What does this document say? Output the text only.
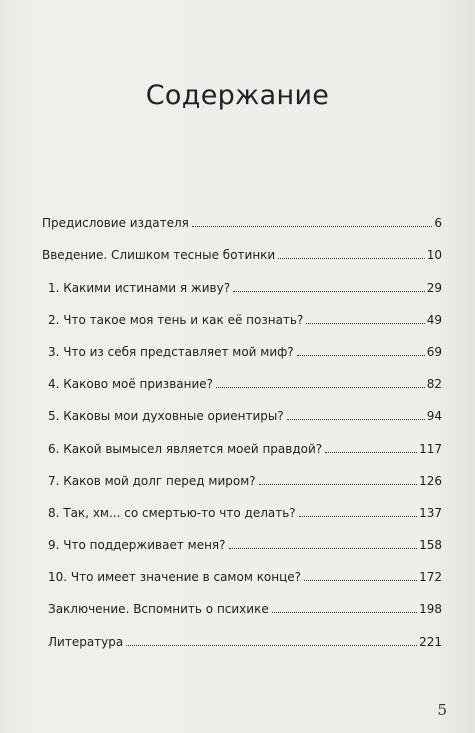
Содержание
Предисловие издателя	6
Введение. Слишком тесные ботинки	10
1. Какими истинами я живу?	29
2. Что такое моя тень и как её познать?	49
3. Что из себя представляет мой миф?	69
4. Каково моё призвание?	82
5. Каковы мои духовные ориентиры?	94
6. Какой вымысел является моей правдой?	117
7. Каков мой долг перед миром?	126
8. Так, хм... со смертью-то что делать?	137
9. Что поддерживает меня?	158
10. Что имеет значение в самом конце?	172
Заключение. Вспомнить о психике	198
Литература	221
5
